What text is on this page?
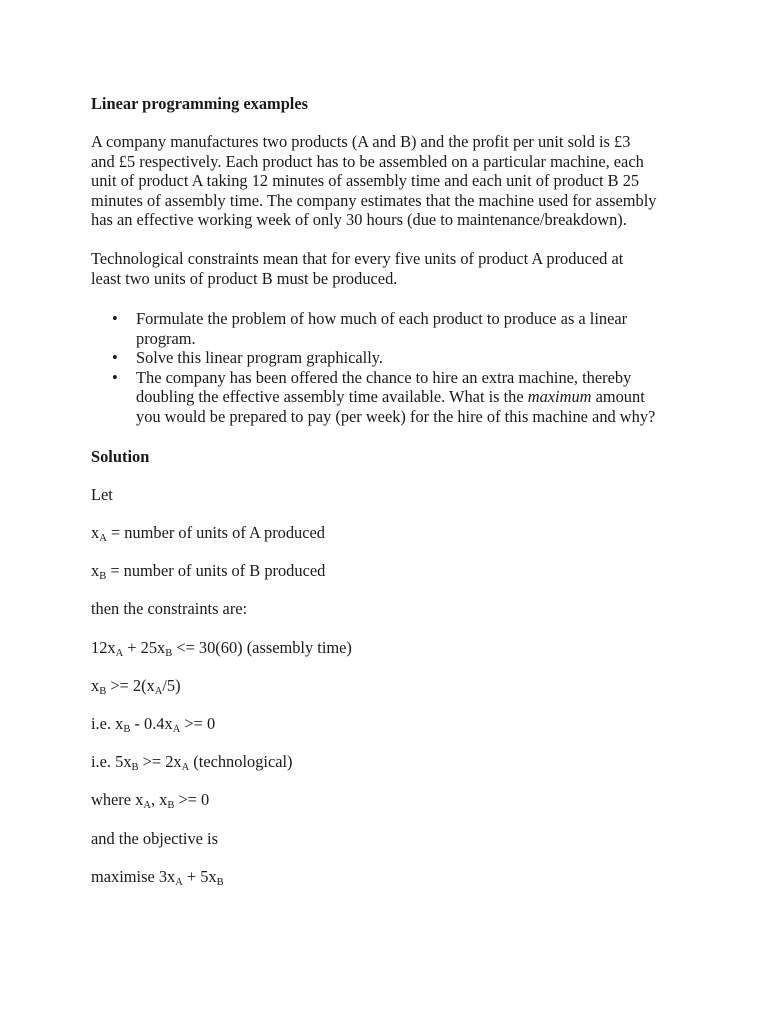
Linear programming examples
A company manufactures two products (A and B) and the profit per unit sold is £3
and £5 respectively. Each product has to be assembled on a particular machine, each
unit of product A taking 12 minutes of assembly time and each unit of product B 25
minutes of assembly time. The company estimates that the machine used for assembly
has an effective working week of only 30 hours (due to maintenance/breakdown).
Technological constraints mean that for every five units of product A produced at
least two units of product B must be produced.
• Formulate the problem of how much of each product to produce as a linear
program.
• Solve this linear program graphically.
• The company has been offered the chance to hire an extra machine, thereby
doubling the effective assembly time available. What is the maximum amount
you would be prepared to pay (per week) for the hire of this machine and why?
Solution
Let
$x_A$ = number of units of A produced
$x_B$ = number of units of B produced
then the constraints are:
$12x_A + 25x_B <= 30(60)$ (assembly time)
$x_B >= 2(x_A/5)$
i.e. $x_B - 0.4x_A >= 0$
i.e. $5x_B >= 2x_A$ (technological)
where $x_A$, $x_B >= 0$
and the objective is
maximise $3x_A + 5x_B$
